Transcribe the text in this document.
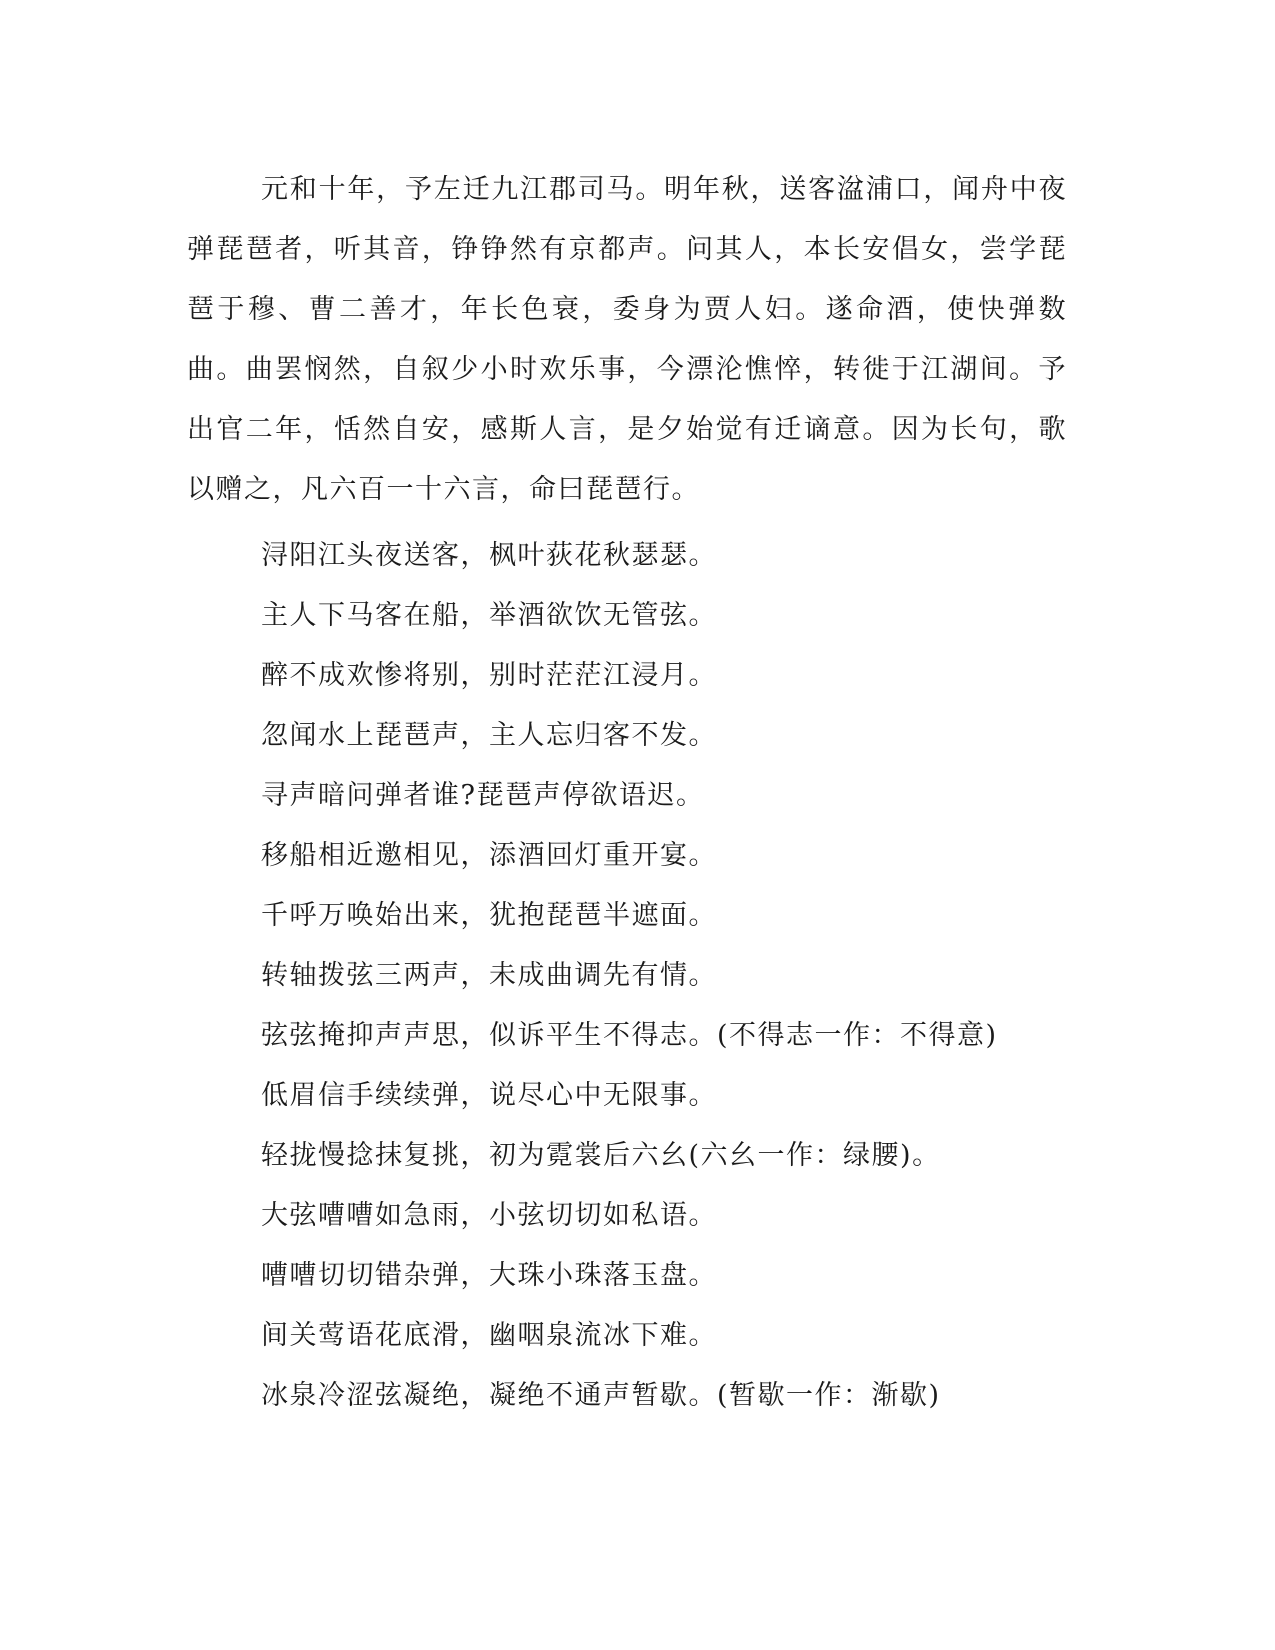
元和十年，予左迁九江郡司马。明年秋，送客湓浦口，闻舟中夜弹琵琶者，听其音，铮铮然有京都声。问其人，本长安倡女，尝学琵琶于穆、曹二善才，年长色衰，委身为贾人妇。遂命酒，使快弹数曲。曲罢悯然，自叙少小时欢乐事，今漂沦憔悴，转徙于江湖间。予出官二年，恬然自安，感斯人言，是夕始觉有迁谪意。因为长句，歌以赠之，凡六百一十六言，命曰琵琶行。

浔阳江头夜送客，枫叶荻花秋瑟瑟。
主人下马客在船，举酒欲饮无管弦。
醉不成欢惨将别，别时茫茫江浸月。
忽闻水上琵琶声，主人忘归客不发。
寻声暗问弹者谁?琵琶声停欲语迟。
移船相近邀相见，添酒回灯重开宴。
千呼万唤始出来，犹抱琵琶半遮面。
转轴拨弦三两声，未成曲调先有情。
弦弦掩抑声声思，似诉平生不得志。(不得志一作：不得意)
低眉信手续续弹，说尽心中无限事。
轻拢慢捻抹复挑，初为霓裳后六幺(六幺一作：绿腰)。
大弦嘈嘈如急雨，小弦切切如私语。
嘈嘈切切错杂弹，大珠小珠落玉盘。
间关莺语花底滑，幽咽泉流冰下难。
冰泉冷涩弦凝绝，凝绝不通声暂歇。(暂歇一作：渐歇)
